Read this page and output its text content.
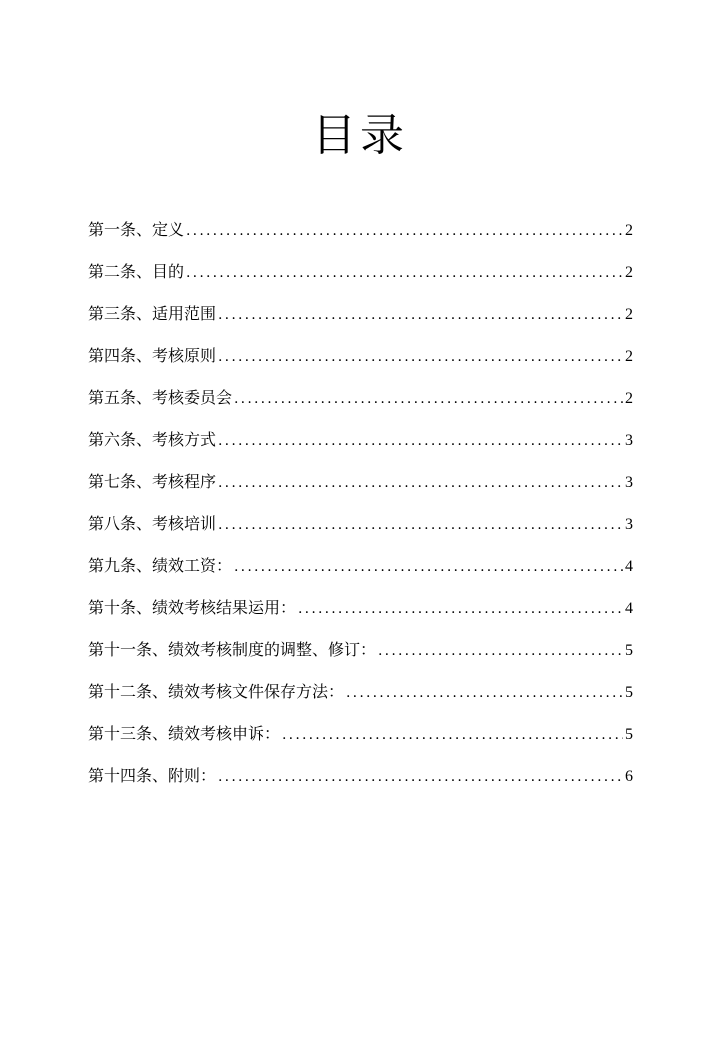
目录
第一条、定义 .....	2
第二条、目的 .....	2
第三条、适用范围 .....	2
第四条、考核原则 .....	2
第五条、考核委员会 .....	2
第六条、考核方式 .....	3
第七条、考核程序 .....	3
第八条、考核培训 .....	3
第九条、绩效工资： .....	4
第十条、绩效考核结果运用： .....	4
第十一条、绩效考核制度的调整、修订： .....	5
第十二条、绩效考核文件保存方法： .....	5
第十三条、绩效考核申诉： .....	5
第十四条、附则： .....	6
